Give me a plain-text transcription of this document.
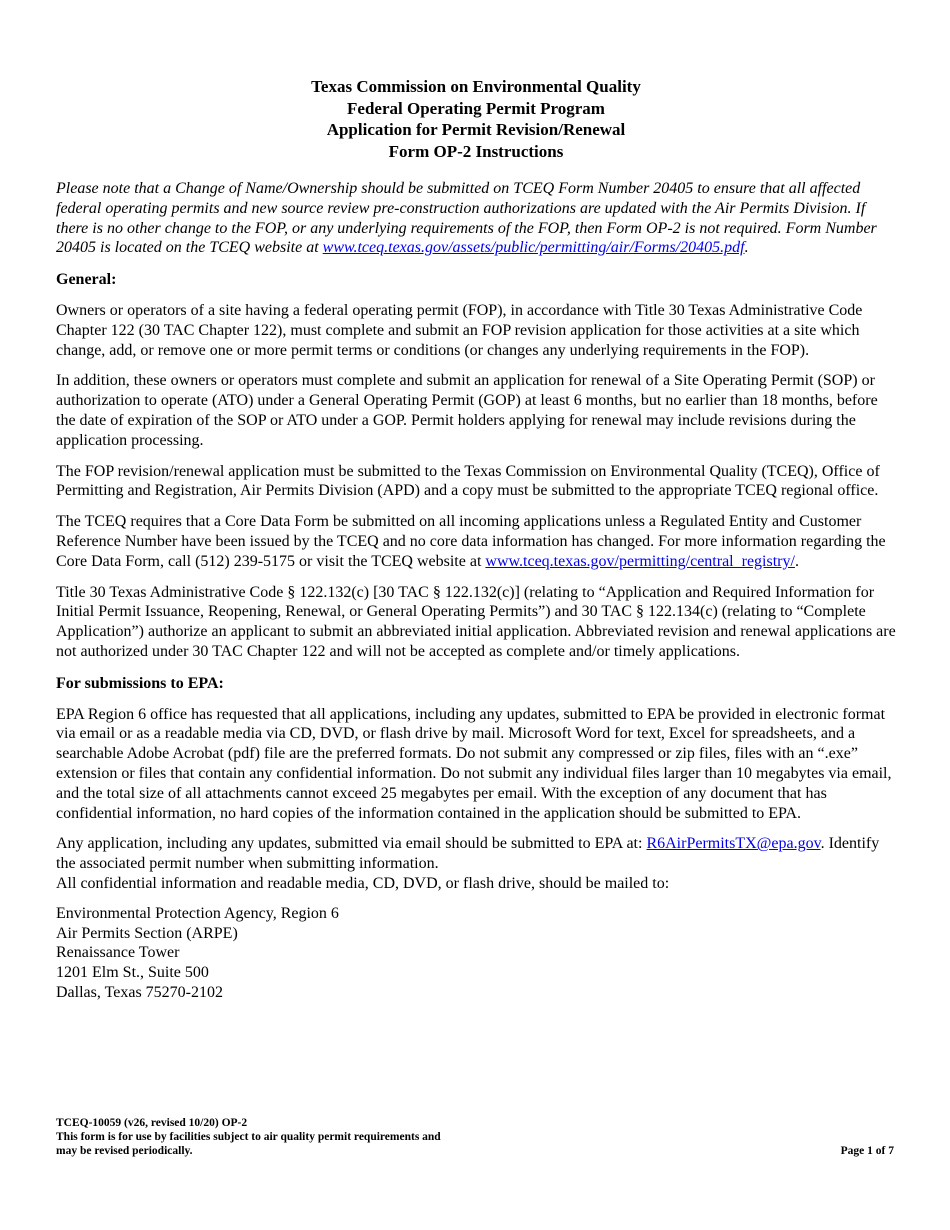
Texas Commission on Environmental Quality
Federal Operating Permit Program
Application for Permit Revision/Renewal
Form OP-2 Instructions

Please note that a Change of Name/Ownership should be submitted on TCEQ Form Number 20405 to ensure that all affected federal operating permits and new source review pre-construction authorizations are updated with the Air Permits Division. If there is no other change to the FOP, or any underlying requirements of the FOP, then Form OP-2 is not required. Form Number 20405 is located on the TCEQ website at www.tceq.texas.gov/assets/public/permitting/air/Forms/20405.pdf.

General:

Owners or operators of a site having a federal operating permit (FOP), in accordance with Title 30 Texas Administrative Code Chapter 122 (30 TAC Chapter 122), must complete and submit an FOP revision application for those activities at a site which change, add, or remove one or more permit terms or conditions (or changes any underlying requirements in the FOP).

In addition, these owners or operators must complete and submit an application for renewal of a Site Operating Permit (SOP) or authorization to operate (ATO) under a General Operating Permit (GOP) at least 6 months, but no earlier than 18 months, before the date of expiration of the SOP or ATO under a GOP. Permit holders applying for renewal may include revisions during the application processing.

The FOP revision/renewal application must be submitted to the Texas Commission on Environmental Quality (TCEQ), Office of Permitting and Registration, Air Permits Division (APD) and a copy must be submitted to the appropriate TCEQ regional office.

The TCEQ requires that a Core Data Form be submitted on all incoming applications unless a Regulated Entity and Customer Reference Number have been issued by the TCEQ and no core data information has changed. For more information regarding the Core Data Form, call (512) 239-5175 or visit the TCEQ website at www.tceq.texas.gov/permitting/central_registry/.

Title 30 Texas Administrative Code § 122.132(c) [30 TAC § 122.132(c)] (relating to “Application and Required Information for Initial Permit Issuance, Reopening, Renewal, or General Operating Permits”) and 30 TAC § 122.134(c) (relating to “Complete Application”) authorize an applicant to submit an abbreviated initial application. Abbreviated revision and renewal applications are not authorized under 30 TAC Chapter 122 and will not be accepted as complete and/or timely applications.

For submissions to EPA:

EPA Region 6 office has requested that all applications, including any updates, submitted to EPA be provided in electronic format via email or as a readable media via CD, DVD, or flash drive by mail. Microsoft Word for text, Excel for spreadsheets, and a searchable Adobe Acrobat (pdf) file are the preferred formats. Do not submit any compressed or zip files, files with an “.exe” extension or files that contain any confidential information. Do not submit any individual files larger than 10 megabytes via email, and the total size of all attachments cannot exceed 25 megabytes per email. With the exception of any document that has confidential information, no hard copies of the information contained in the application should be submitted to EPA.

Any application, including any updates, submitted via email should be submitted to EPA at: R6AirPermitsTX@epa.gov. Identify the associated permit number when submitting information.

All confidential information and readable media, CD, DVD, or flash drive, should be mailed to:

Environmental Protection Agency, Region 6
Air Permits Section (ARPE)
Renaissance Tower
1201 Elm St., Suite 500
Dallas, Texas 75270-2102
TCEQ-10059 (v26, revised 10/20) OP-2
This form is for use by facilities subject to air quality permit requirements and
may be revised periodically.	Page 1 of 7
